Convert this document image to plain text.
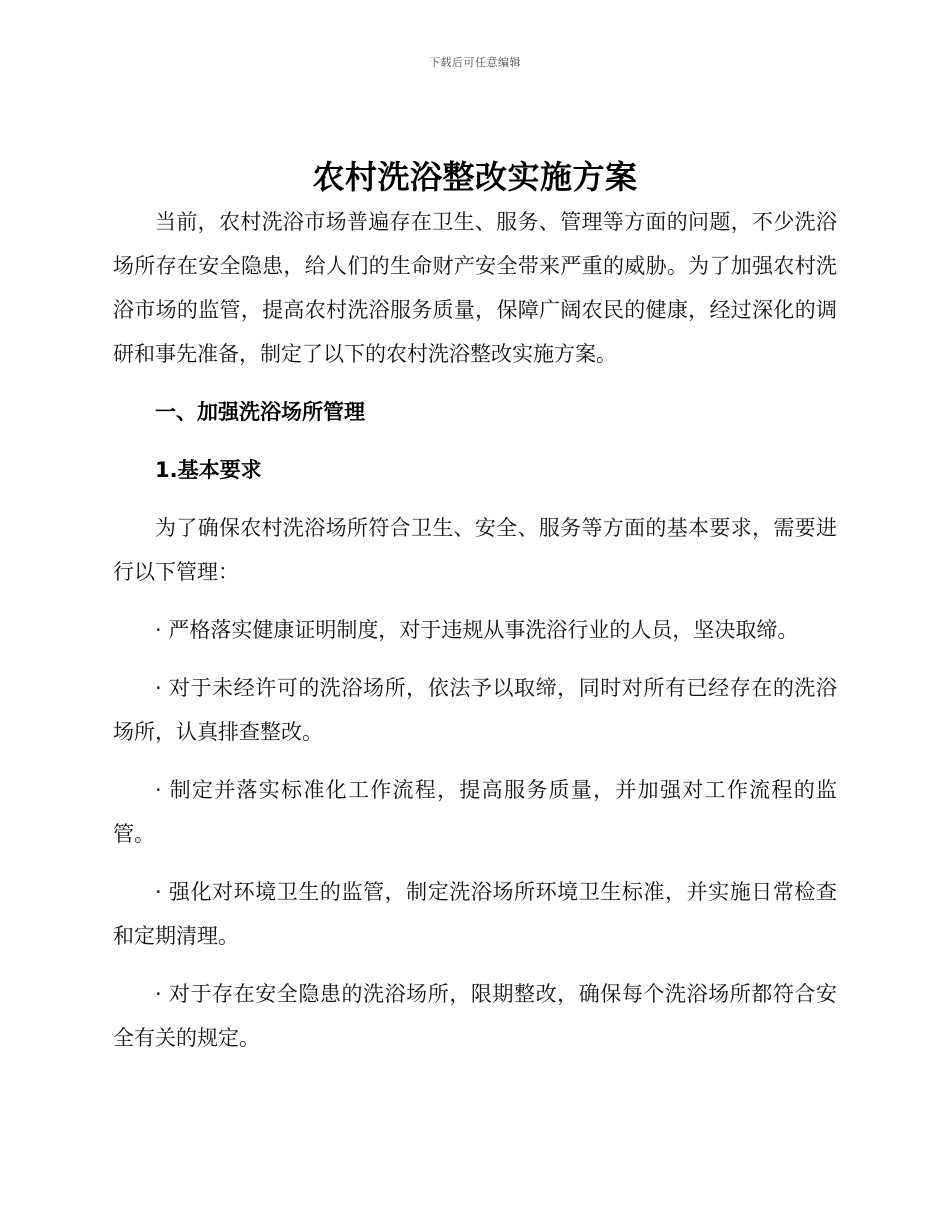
下载后可任意编辑
农村洗浴整改实施方案

当前，农村洗浴市场普遍存在卫生、服务、管理等方面的问题，不少洗浴场所存在安全隐患，给人们的生命财产安全带来严重的威胁。为了加强农村洗浴市场的监管，提高农村洗浴服务质量，保障广阔农民的健康，经过深化的调研和事先准备，制定了以下的农村洗浴整改实施方案。

一、加强洗浴场所管理

1.基本要求

为了确保农村洗浴场所符合卫生、安全、服务等方面的基本要求，需要进行以下管理：

· 严格落实健康证明制度，对于违规从事洗浴行业的人员，坚决取缔。

· 对于未经许可的洗浴场所，依法予以取缔，同时对所有已经存在的洗浴场所，认真排查整改。

· 制定并落实标准化工作流程，提高服务质量，并加强对工作流程的监管。

· 强化对环境卫生的监管，制定洗浴场所环境卫生标准，并实施日常检查和定期清理。

· 对于存在安全隐患的洗浴场所，限期整改，确保每个洗浴场所都符合安全有关的规定。
